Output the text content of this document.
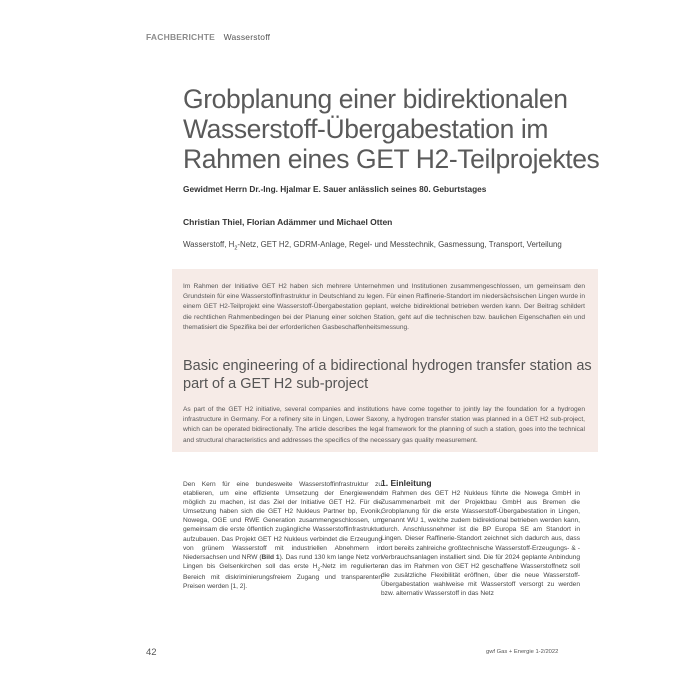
FACHBERICHTE Wasserstoff
Grobplanung einer bidirektionalen Wasserstoff-Übergabestation im Rahmen eines GET H2-Teilprojektes
Gewidmet Herrn Dr.-Ing. Hjalmar E. Sauer anlässlich seines 80. Geburtstages
Christian Thiel, Florian Adämmer und Michael Otten
Wasserstoff, $H_2$-Netz, GET H2, GDRM-Anlage, Regel- und Messtechnik, Gasmessung, Transport, Verteilung

Im Rahmen der Initiative GET H2 haben sich mehrere Unternehmen und Institutionen zusammengeschlossen, um gemeinsam den Grundstein für eine Wasserstoffinfrastruktur in Deutschland zu legen. Für einen Raffinerie-Standort im niedersächsischen Lingen wurde in einem GET H2-Teilprojekt eine Wasserstoff-Übergabestation geplant, welche bidirektional betrieben werden kann. Der Beitrag schildert die rechtlichen Rahmenbedingen bei der Planung einer solchen Station, geht auf die technischen bzw. baulichen Eigenschaften ein und thematisiert die Spezifika bei der erforderlichen Gasbeschaffenheitsmessung.

Basic engineering of a bidirectional hydrogen transfer station as part of a GET H2 sub-project

As part of the GET H2 initiative, several companies and institutions have come together to jointly lay the foundation for a hydrogen infrastructure in Germany. For a refinery site in Lingen, Lower Saxony, a hydrogen transfer station was planned in a GET H2 sub-project, which can be operated bidirectionally. The article describes the legal framework for the planning of such a station, goes into the technical and structural characteristics and addresses the specifics of the necessary gas quality measurement.

Den Kern für eine bundesweite Wasserstoffinfrastruktur zu etablieren, um eine effiziente Umsetzung der Energiewende möglich zu machen, ist das Ziel der Initiative GET H2. Für die Umsetzung haben sich die GET H2 Nukleus Partner bp, Evonik, Nowega, OGE und RWE Generation zusammengeschlossen, um gemeinsam die erste öffentlich zugängliche Wasserstoffinfrastruktur aufzubauen. Das Projekt GET H2 Nukleus verbindet die Erzeugung von grünem Wasserstoff mit industriellen Abnehmern in Niedersachsen und NRW (Bild 1). Das rund 130 km lange Netz von Lingen bis Gelsenkirchen soll das erste $H_2$-Netz im regulierten Bereich mit diskriminierungsfreiem Zugang und transparenten Preisen werden [1, 2].
1. Einleitung
Im Rahmen des GET H2 Nukleus führte die Nowega GmbH in Zusammenarbeit mit der Projektbau GmbH aus Bremen die Grobplanung für die erste Wasserstoff-Übergabestation in Lingen, genannt WU 1, welche zudem bidirektional betrieben werden kann, durch. Anschlussnehmer ist die BP Europa SE am Standort in Lingen. Dieser Raffinerie-Standort zeichnet sich dadurch aus, dass dort bereits zahlreiche großtechnische Wasserstoff-Erzeugungs- & -Verbrauchsanlagen installiert sind. Die für 2024 geplante Anbindung an das im Rahmen von GET H2 geschaffene Wasserstoffnetz soll die zusätzliche Flexibilität eröffnen, über die neue Wasserstoff-Übergabestation wahlweise mit Wasserstoff versorgt zu werden bzw. alternativ Wasserstoff in das Netz
42	gwf Gas + Energie 1-2/2022
